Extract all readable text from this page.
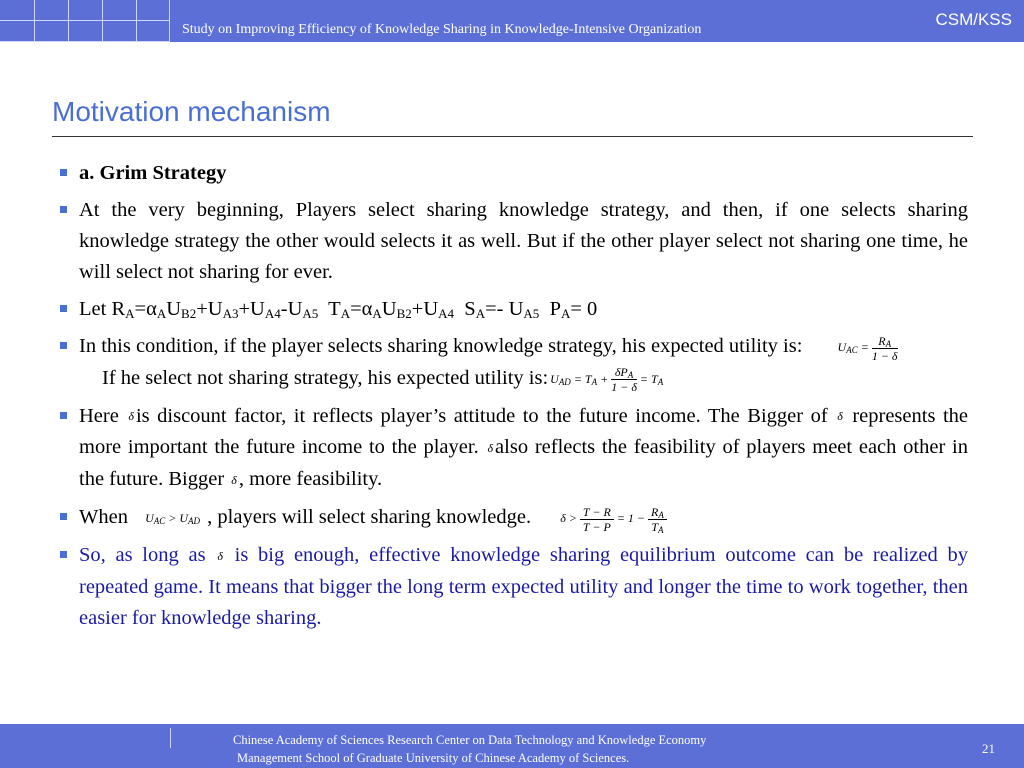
Study on Improving Efficiency of Knowledge Sharing in Knowledge-Intensive Organization
CSM/KSS
Motivation mechanism
a. Grim Strategy
At the very beginning, Players select sharing knowledge strategy, and then, if one selects sharing knowledge strategy the other would selects it as well. But if the other player select not sharing one time, he will select not sharing for ever.
Let $R_A=\alpha_AU_{B2}+U_{A3}+U_{A4}-U_{A5}$ $T_A=\alpha_AU_{B2}+U_{A4}$ $S_A=-$ $U_{A5}$ $P_A= 0$
In this condition, if the player selects sharing knowledge strategy, his expected utility is:	$U_{AC} = \frac{R_A}{1 - \delta}$
If he select not sharing strategy, his expected utility is: $U_{AD} = T_A + \frac{\delta P_A}{1 - \delta} = T_A$
Here δis discount factor, it reflects player’s attitude to the future income. The Bigger of δ represents the more important the future income to the player. δalso reflects the feasibility of players meet each other in the future. Bigger δ, more feasibility.
When $U_{AC} > U_{AD}$ , players will select sharing knowledge. $\delta > \frac{T - R}{T - P} = 1 - \frac{R_A}{T_A}$
So, as long as δ is big enough, effective knowledge sharing equilibrium outcome can be realized by repeated game. It means that bigger the long term expected utility and longer the time to work together, then easier for knowledge sharing.
Chinese Academy of Sciences Research Center on Data Technology and Knowledge Economy
Management School of Graduate University of Chinese Academy of Sciences.
21
